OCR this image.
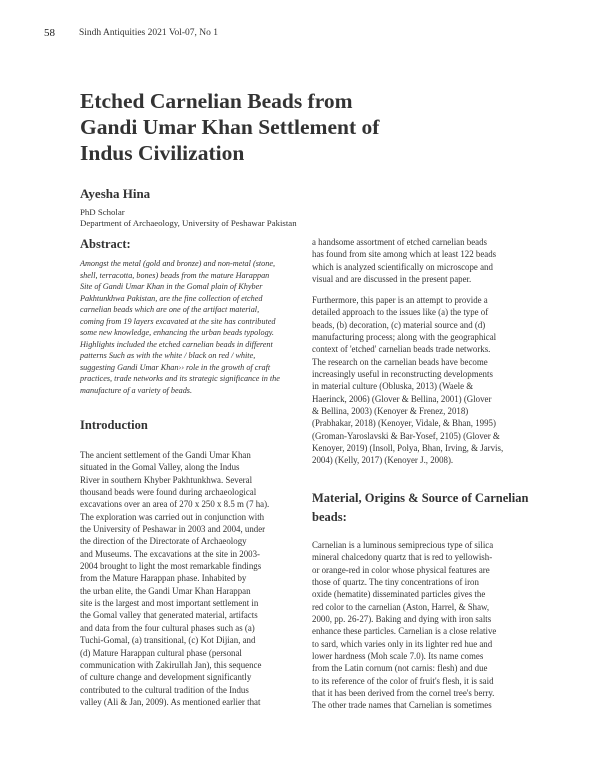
58	Sindh Antiquities 2021 Vol-07, No 1
Etched Carnelian Beads from
Gandi Umar Khan Settlement of
Indus Civilization
Ayesha Hina
PhD Scholar
Department of Archaeology, University of Peshawar Pakistan
Abstract:
Amongst the metal (gold and bronze) and non-metal (stone,
shell, terracotta, bones) beads from the mature Harappan
Site of Gandi Umar Khan in the Gomal plain of Khyber
Pakhtunkhwa Pakistan, are the fine collection of etched
carnelian beads which are one of the artifact material,
coming from 19 layers excavated at the site has contributed
some new knowledge, enhancing the urban beads typology.
Highlights included the etched carnelian beads in different
patterns Such as with the white / black on red / white,
suggesting Gandi Umar Khan›› role in the growth of craft
practices, trade networks and its strategic significance in the
manufacture of a variety of beads.
Introduction
The ancient settlement of the Gandi Umar Khan
situated in the Gomal Valley, along the Indus
River in southern Khyber Pakhtunkhwa. Several
thousand beads were found during archaeological
excavations over an area of 270 x 250 x 8.5 m (7 ha).
The exploration was carried out in conjunction with
the University of Peshawar in 2003 and 2004, under
the direction of the Directorate of Archaeology
and Museums. The excavations at the site in 2003-
2004 brought to light the most remarkable findings
from the Mature Harappan phase. Inhabited by
the urban elite, the Gandi Umar Khan Harappan
site is the largest and most important settlement in
the Gomal valley that generated material, artifacts
and data from the four cultural phases such as (a)
Tuchi-Gomal, (a) transitional, (c) Kot Dijian, and
(d) Mature Harappan cultural phase (personal
communication with Zakirullah Jan), this sequence
of culture change and development significantly
contributed to the cultural tradition of the Indus
valley (Ali & Jan, 2009). As mentioned earlier that
a handsome assortment of etched carnelian beads
has found from site among which at least 122 beads
which is analyzed scientifically on microscope and
visual and are discussed in the present paper.
Furthermore, this paper is an attempt to provide a
detailed approach to the issues like (a) the type of
beads, (b) decoration, (c) material source and (d)
manufacturing process; along with the geographical
context of 'etched' carnelian beads trade networks.
The research on the carnelian beads have become
increasingly useful in reconstructing developments
in material culture (Obluska, 2013) (Waele &
Haerinck, 2006) (Glover & Bellina, 2001) (Glover
& Bellina, 2003) (Kenoyer & Frenez, 2018)
(Prabhakar, 2018) (Kenoyer, Vidale, & Bhan, 1995)
(Groman-Yaroslavski & Bar-Yosef, 2105) (Glover &
Kenoyer, 2019) (Insoll, Polya, Bhan, Irving, & Jarvis,
2004) (Kelly, 2017) (Kenoyer J., 2008).
Material, Origins & Source of Carnelian
beads:
Carnelian is a luminous semiprecious type of silica
mineral chalcedony quartz that is red to yellowish-
or orange-red in color whose physical features are
those of quartz. The tiny concentrations of iron
oxide (hematite) disseminated particles gives the
red color to the carnelian (Aston, Harrel, & Shaw,
2000, pp. 26-27). Baking and dying with iron salts
enhance these particles. Carnelian is a close relative
to sard, which varies only in its lighter red hue and
lower hardness (Moh scale 7.0). Its name comes
from the Latin cornum (not carnis: flesh) and due
to its reference of the color of fruit's flesh, it is said
that it has been derived from the cornel tree's berry.
The other trade names that Carnelian is sometimes
